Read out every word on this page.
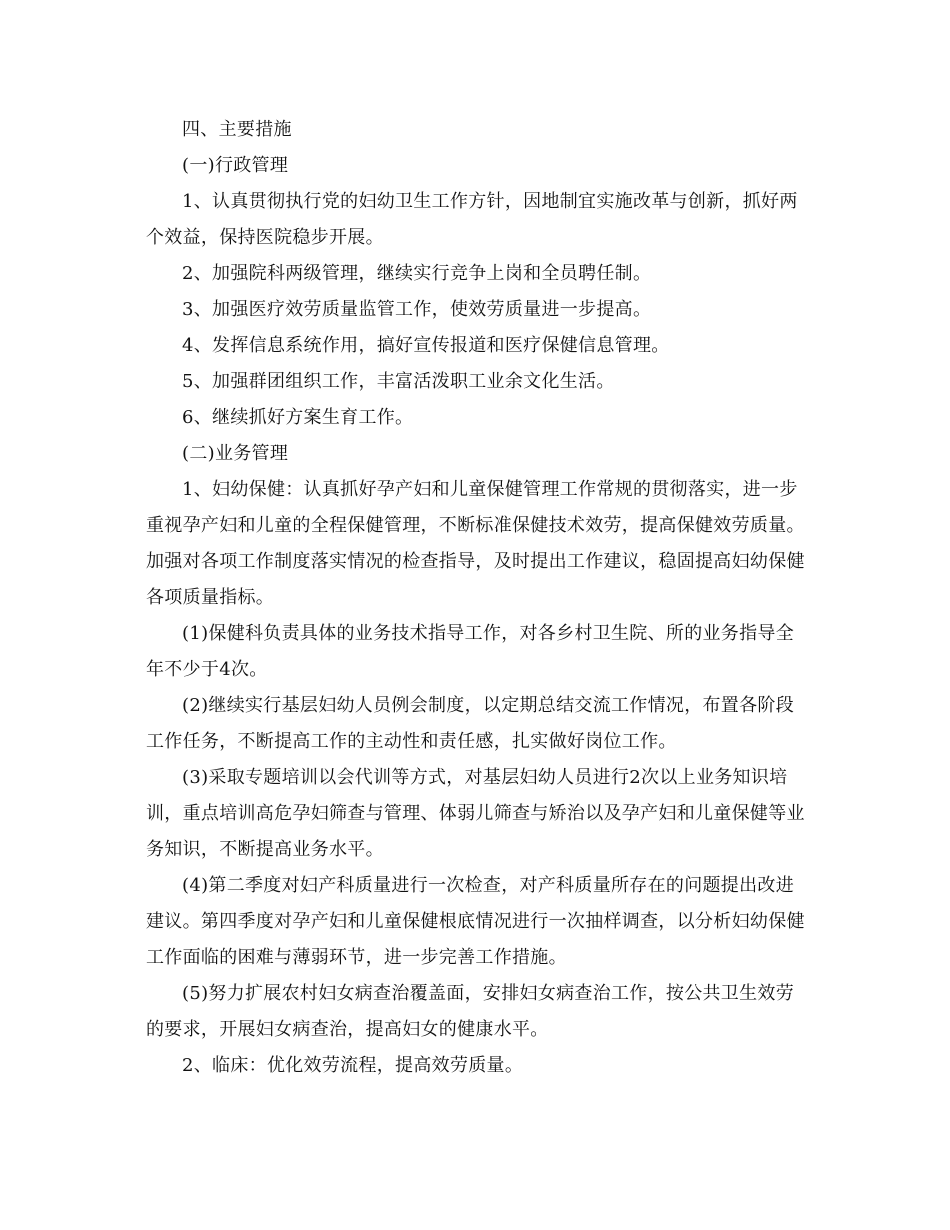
四、主要措施

(一)行政管理

1、认真贯彻执行党的妇幼卫生工作方针，因地制宜实施改革与创新，抓好两个效益，保持医院稳步开展。

2、加强院科两级管理，继续实行竞争上岗和全员聘任制。

3、加强医疗效劳质量监管工作，使效劳质量进一步提高。

4、发挥信息系统作用，搞好宣传报道和医疗保健信息管理。

5、加强群团组织工作，丰富活泼职工业余文化生活。

6、继续抓好方案生育工作。

(二)业务管理

1、妇幼保健：认真抓好孕产妇和儿童保健管理工作常规的贯彻落实，进一步重视孕产妇和儿童的全程保健管理，不断标准保健技术效劳，提高保健效劳质量。加强对各项工作制度落实情况的检查指导，及时提出工作建议，稳固提高妇幼保健各项质量指标。

(1)保健科负责具体的业务技术指导工作，对各乡村卫生院、所的业务指导全年不少于4次。

(2)继续实行基层妇幼人员例会制度，以定期总结交流工作情况，布置各阶段工作任务，不断提高工作的主动性和责任感，扎实做好岗位工作。

(3)采取专题培训以会代训等方式，对基层妇幼人员进行2次以上业务知识培训，重点培训高危孕妇筛查与管理、体弱儿筛查与矫治以及孕产妇和儿童保健等业务知识，不断提高业务水平。

(4)第二季度对妇产科质量进行一次检查，对产科质量所存在的问题提出改进建议。第四季度对孕产妇和儿童保健根底情况进行一次抽样调查，以分析妇幼保健工作面临的困难与薄弱环节，进一步完善工作措施。

(5)努力扩展农村妇女病查治覆盖面，安排妇女病查治工作，按公共卫生效劳的要求，开展妇女病查治，提高妇女的健康水平。

2、临床：优化效劳流程，提高效劳质量。
